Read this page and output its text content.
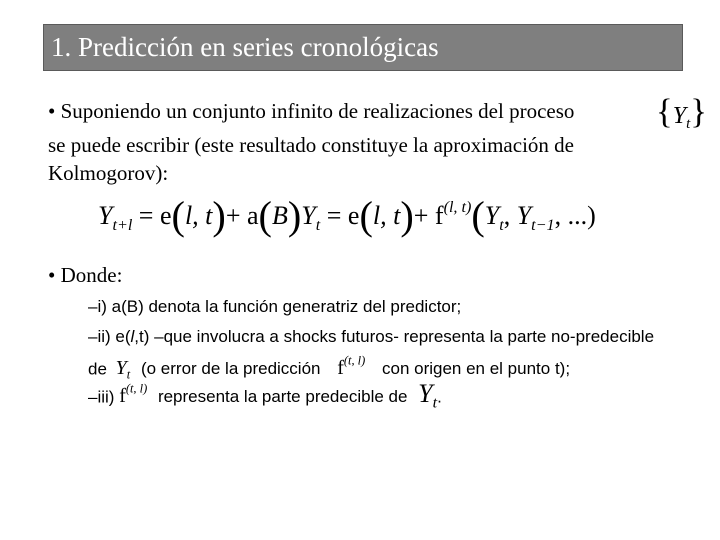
1. Predicción en series cronológicas
• Suponiendo un conjunto infinito de realizaciones del proceso $\{Y_t\}$
se puede escribir (este resultado constituye la aproximación de
Kolmogorov):
$Y_{t+l} = e(l$, $t)+ a(B)Y_t = e(l$, $t)+ f^{(l, t)}(Y_t$, $Y_{t-1}$, ...)
• Donde:
–i) a(B) denota la función generatriz del predictor;
–ii) e(l,t) –que involucra a shocks futuros- representa la parte no-predecible
de $Y_t$ (o error de la predicción $f^{(t, l)}$ con origen en el punto t);
–iii) $f^{(t, l)}$ representa la parte predecible de $Y_t$.
